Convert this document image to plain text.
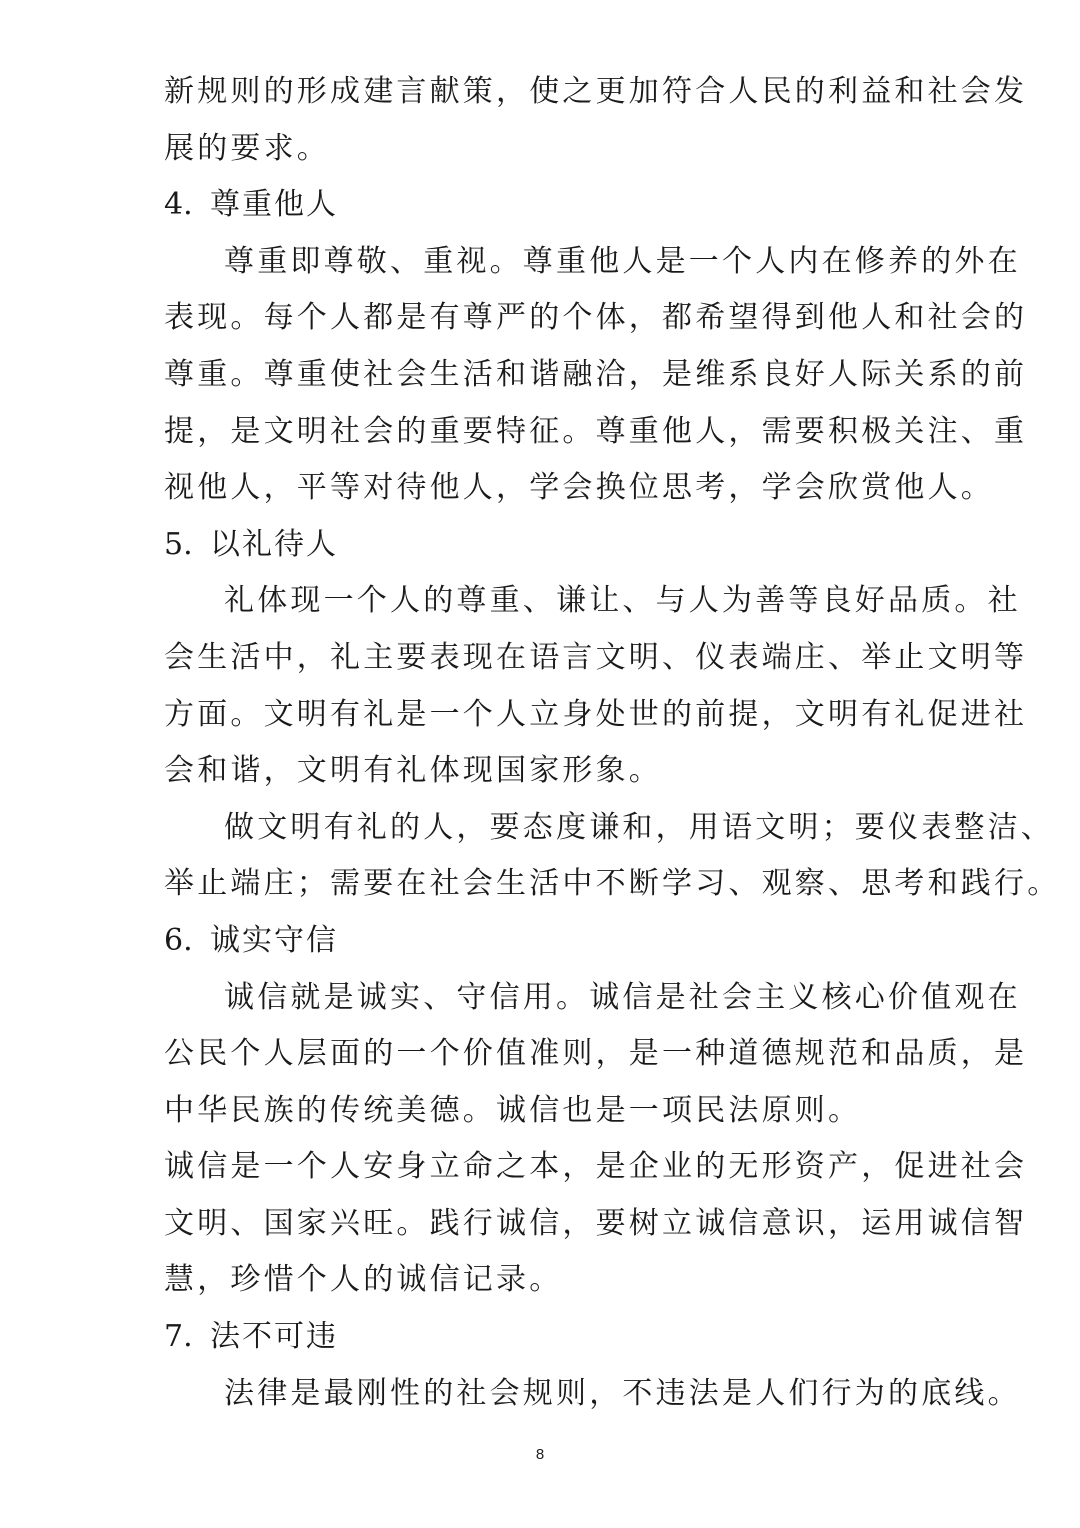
新规则的形成建言献策，使之更加符合人民的利益和社会发
展的要求。
4. 尊重他人
尊重即尊敬、重视。尊重他人是一个人内在修养的外在
表现。每个人都是有尊严的个体，都希望得到他人和社会的
尊重。尊重使社会生活和谐融洽，是维系良好人际关系的前
提，是文明社会的重要特征。尊重他人，需要积极关注、重
视他人，平等对待他人，学会换位思考，学会欣赏他人。
5. 以礼待人
礼体现一个人的尊重、谦让、与人为善等良好品质。社
会生活中，礼主要表现在语言文明、仪表端庄、举止文明等
方面。文明有礼是一个人立身处世的前提，文明有礼促进社
会和谐，文明有礼体现国家形象。
做文明有礼的人，要态度谦和，用语文明；要仪表整洁、
举止端庄；需要在社会生活中不断学习、观察、思考和践行。
6. 诚实守信
诚信就是诚实、守信用。诚信是社会主义核心价值观在
公民个人层面的一个价值准则，是一种道德规范和品质，是
中华民族的传统美德。诚信也是一项民法原则。
诚信是一个人安身立命之本，是企业的无形资产，促进社会
文明、国家兴旺。践行诚信，要树立诚信意识，运用诚信智
慧，珍惜个人的诚信记录。
7. 法不可违
法律是最刚性的社会规则，不违法是人们行为的底线。
8
